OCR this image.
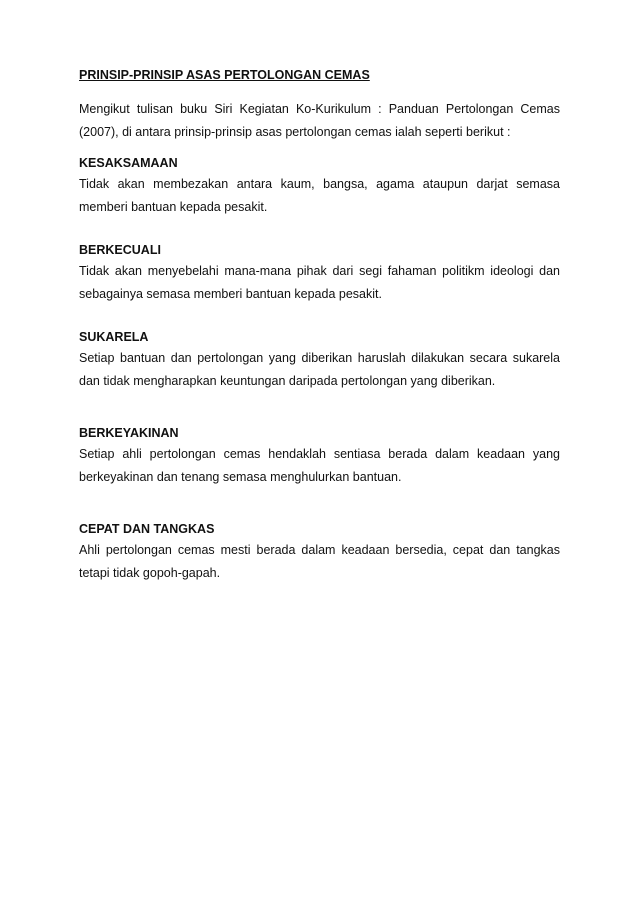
PRINSIP-PRINSIP ASAS PERTOLONGAN CEMAS

Mengikut tulisan buku Siri Kegiatan Ko-Kurikulum : Panduan Pertolongan Cemas (2007), di antara prinsip-prinsip asas pertolongan cemas ialah seperti berikut :

KESAKSAMAAN

Tidak akan membezakan antara kaum, bangsa, agama ataupun darjat semasa memberi bantuan kepada pesakit.

BERKECUALI

Tidak akan menyebelahi mana-mana pihak dari segi fahaman politikm ideologi dan sebagainya semasa memberi bantuan kepada pesakit.

SUKARELA

Setiap bantuan dan pertolongan yang diberikan haruslah dilakukan secara sukarela dan tidak mengharapkan keuntungan daripada pertolongan yang diberikan.

BERKEYAKINAN

Setiap ahli pertolongan cemas hendaklah sentiasa berada dalam keadaan yang berkeyakinan dan tenang semasa menghulurkan bantuan.

CEPAT DAN TANGKAS

Ahli pertolongan cemas mesti berada dalam keadaan bersedia, cepat dan tangkas tetapi tidak gopoh-gapah.
